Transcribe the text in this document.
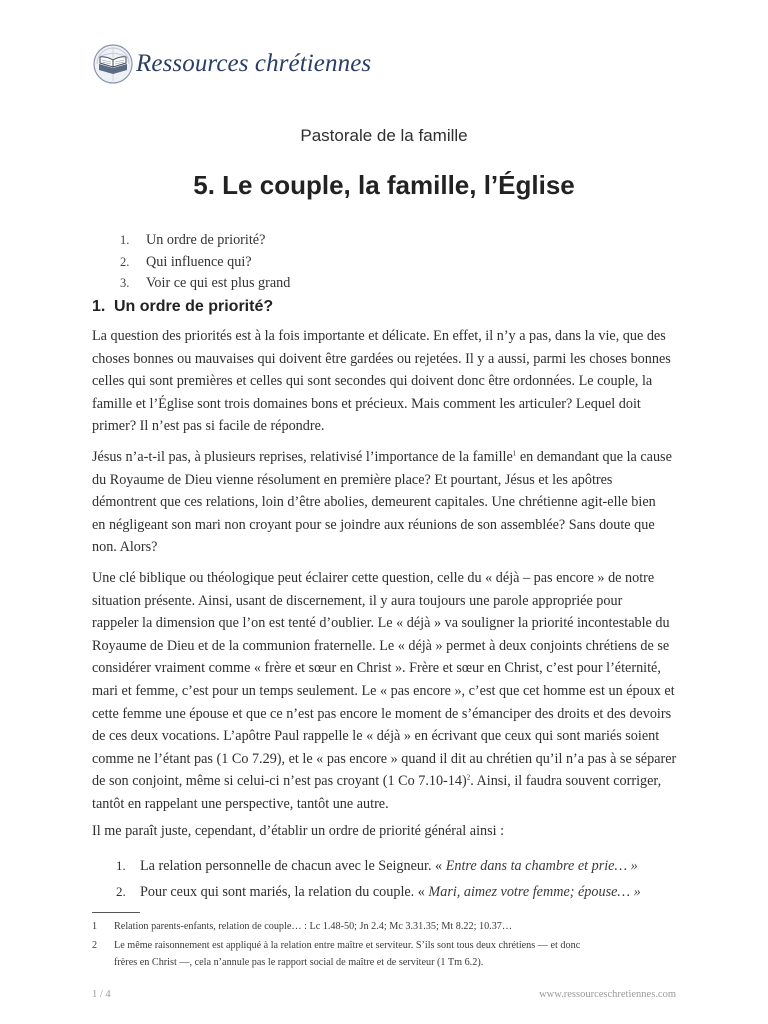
Ressources chrétiennes
Pastorale de la famille
5. Le couple, la famille, l’Église
1. Un ordre de priorité?
2. Qui influence qui?
3. Voir ce qui est plus grand
1. Un ordre de priorité?

La question des priorités est à la fois importante et délicate. En effet, il n’y a pas, dans la vie, que des
choses bonnes ou mauvaises qui doivent être gardées ou rejetées. Il y a aussi, parmi les choses bonnes
celles qui sont premières et celles qui sont secondes qui doivent donc être ordonnées. Le couple, la
famille et l’Église sont trois domaines bons et précieux. Mais comment les articuler? Lequel doit
primer? Il n’est pas si facile de répondre.

Jésus n’a-t-il pas, à plusieurs reprises, relativisé l’importance de la famille$^1$ en demandant que la cause
du Royaume de Dieu vienne résolument en première place? Et pourtant, Jésus et les apôtres
démontrent que ces relations, loin d’être abolies, demeurent capitales. Une chrétienne agit-elle bien
en négligeant son mari non croyant pour se joindre aux réunions de son assemblée? Sans doute que
non. Alors?

Une clé biblique ou théologique peut éclairer cette question, celle du « déjà – pas encore » de notre
situation présente. Ainsi, usant de discernement, il y aura toujours une parole appropriée pour
rappeler la dimension que l’on est tenté d’oublier. Le « déjà » va souligner la priorité incontestable du
Royaume de Dieu et de la communion fraternelle. Le « déjà » permet à deux conjoints chrétiens de se
considérer vraiment comme « frère et sœur en Christ ». Frère et sœur en Christ, c’est pour l’éternité,
mari et femme, c’est pour un temps seulement. Le « pas encore », c’est que cet homme est un époux et
cette femme une épouse et que ce n’est pas encore le moment de s’émanciper des droits et des devoirs
de ces deux vocations. L’apôtre Paul rappelle le « déjà » en écrivant que ceux qui sont mariés soient
comme ne l’étant pas (1 Co 7.29), et le « pas encore » quand il dit au chrétien qu’il n’a pas à se séparer
de son conjoint, même si celui-ci n’est pas croyant (1 Co 7.10-14)$^2$. Ainsi, il faudra souvent corriger,
tantôt en rappelant une perspective, tantôt une autre.

Il me paraît juste, cependant, d’établir un ordre de priorité général ainsi :

1. La relation personnelle de chacun avec le Seigneur. « Entre dans ta chambre et prie… »
2. Pour ceux qui sont mariés, la relation du couple. « Mari, aimez votre femme; épouse… »
1	Relation parents-enfants, relation de couple… : Lc 1.48-50; Jn 2.4; Mc 3.31.35; Mt 8.22; 10.37…
2	Le même raisonnement est appliqué à la relation entre maître et serviteur. S’ils sont tous deux chrétiens — et donc
frères en Christ —, cela n’annule pas le rapport social de maître et de serviteur (1 Tm 6.2).
1 / 4	www.ressourceschretiennes.com
